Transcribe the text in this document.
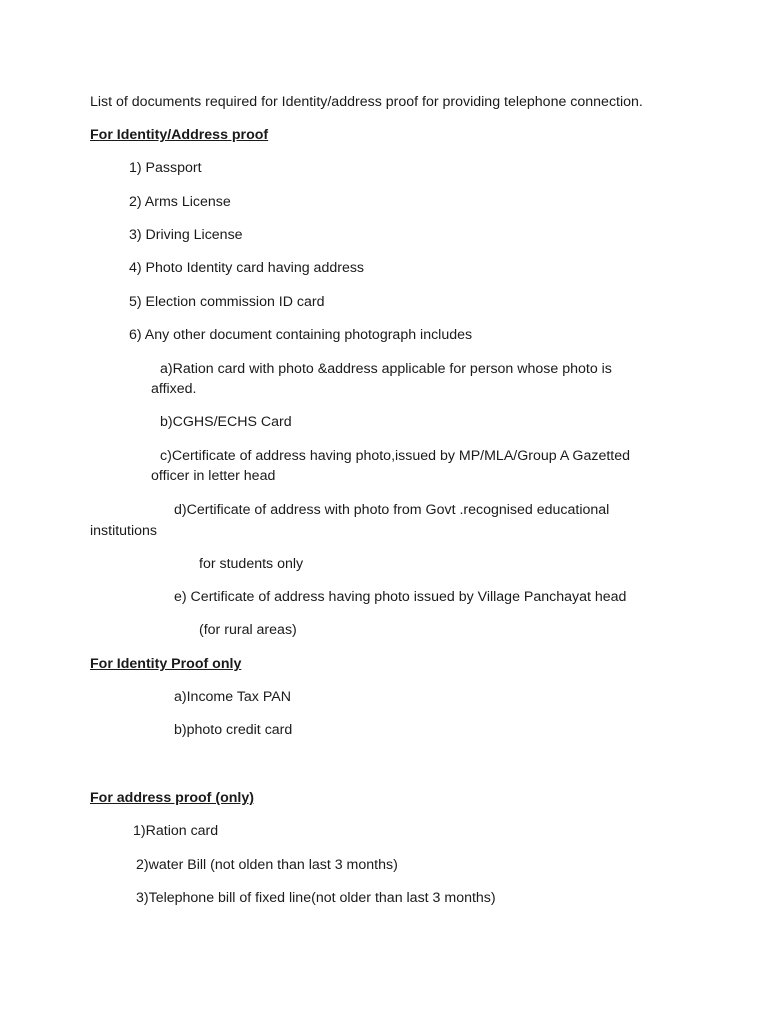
List of documents required for Identity/address proof for providing telephone connection.
For Identity/Address proof
1) Passport
2) Arms License
3) Driving License
4) Photo Identity card having address
5) Election commission ID card
6) Any other document containing photograph includes
a)Ration card with photo &address applicable for person whose photo is
affixed.
b)CGHS/ECHS Card
c)Certificate of address having photo,issued by MP/MLA/Group A Gazetted
officer in letter head
d)Certificate of address with photo from Govt .recognised educational
institutions
for students only
e) Certificate of address having photo issued by Village Panchayat head
(for rural areas)
For Identity Proof only
a)Income Tax PAN
b)photo credit card
For address proof (only)
1)Ration card
2)water Bill (not olden than last 3 months)
3)Telephone bill of fixed line(not older than last 3 months)
